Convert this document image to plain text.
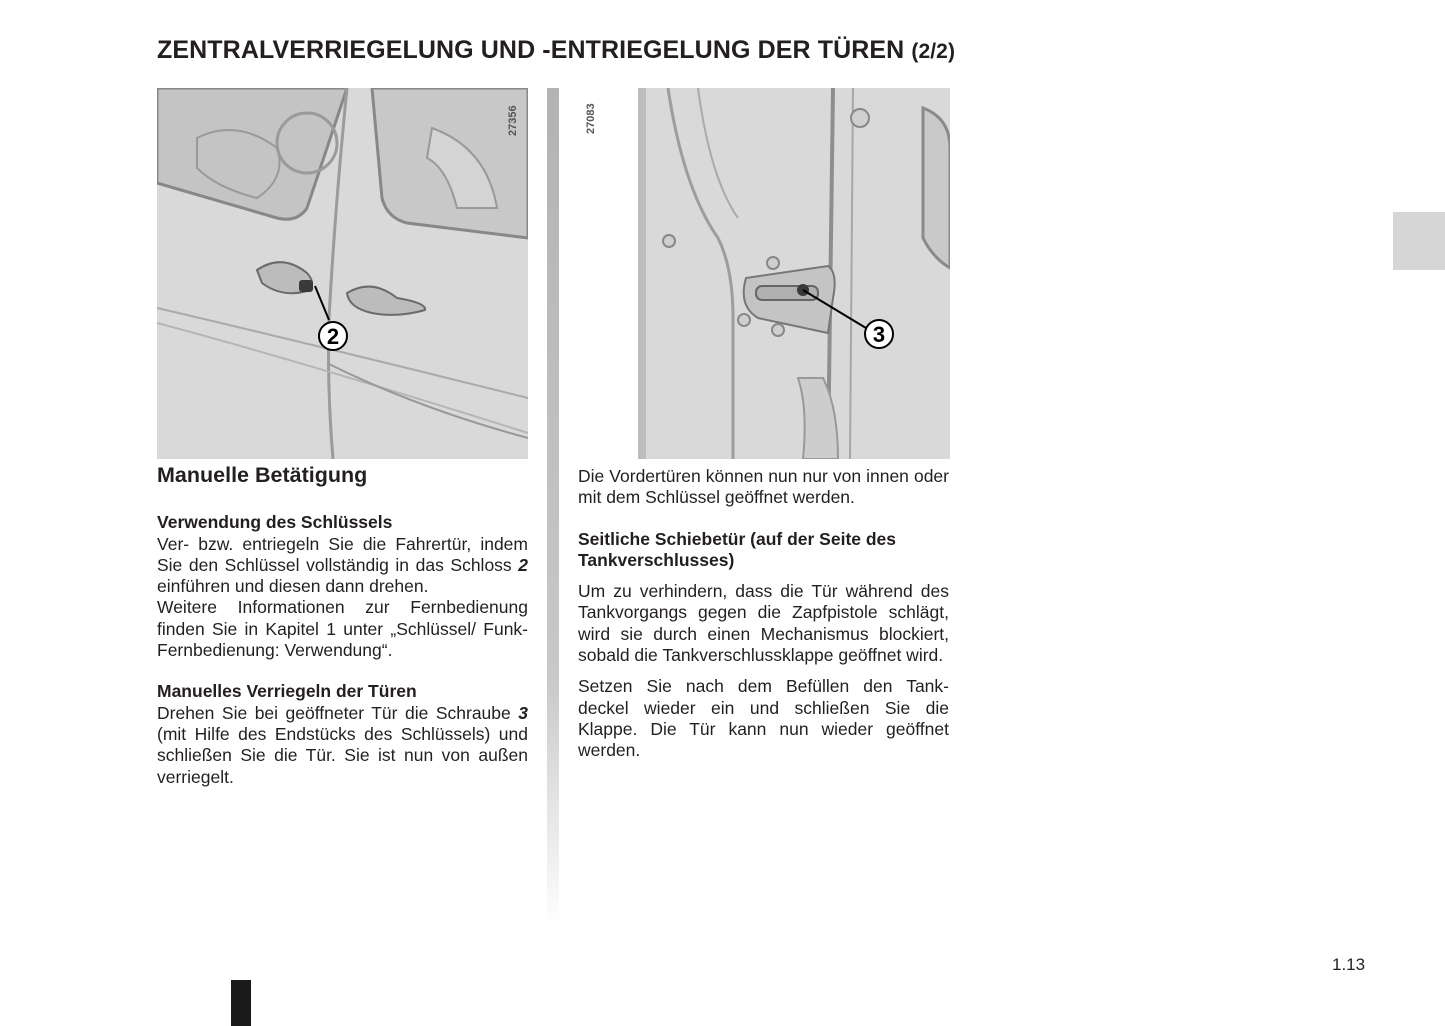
ZENTRALVERRIEGELUNG UND -ENTRIEGELUNG DER TÜREN (2/2)
2
27356	27083
3
Manuelle Betätigung

Verwendung des Schlüssels

Ver- bzw. entriegeln Sie die Fahrertür, indem Sie den Schlüssel vollständig in das Schloss 2 einführen und diesen dann drehen.

Weitere Informationen zur Fernbedienung finden Sie in Kapitel 1 unter „Schlüssel/ Funk-Fernbedienung: Verwendung“.

Manuelles Verriegeln der Türen

Drehen Sie bei geöffneter Tür die Schraube 3 (mit Hilfe des Endstücks des Schlüssels) und schließen Sie die Tür. Sie ist nun von außen verriegelt.

Die Vordertüren können nun nur von innen oder mit dem Schlüssel geöffnet werden.

Seitliche Schiebetür (auf der Seite des Tankverschlusses)

Um zu verhindern, dass die Tür während des Tankvorgangs gegen die Zapfpistole schlägt, wird sie durch einen Mechanismus blockiert, sobald die Tankverschlussklappe geöffnet wird.

Setzen Sie nach dem Befüllen den Tank- deckel wieder ein und schließen Sie die Klappe. Die Tür kann nun wieder geöffnet werden.

1.13
